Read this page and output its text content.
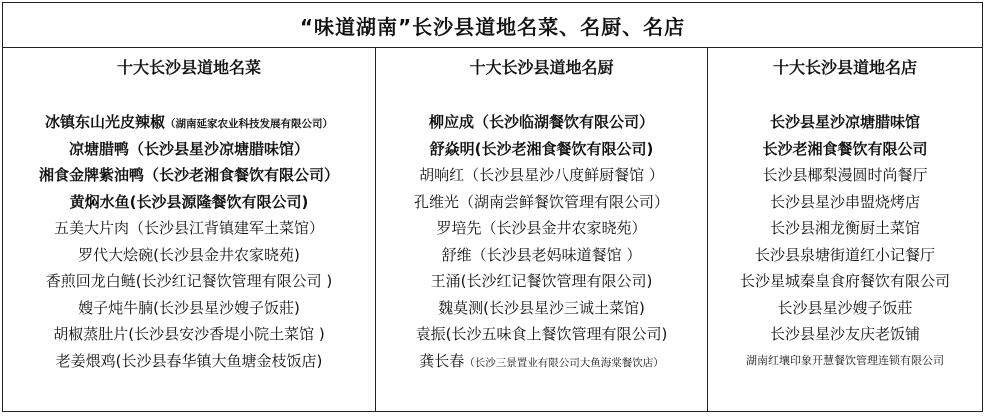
“味道湖南”长沙县道地名菜、名厨、名店
十大长沙县道地名菜
冰镇东山光皮辣椒（湖南延家农业科技发展有限公司）
凉塘腊鸭（长沙县星沙凉塘腊味馆）
湘食金牌紫油鸭（长沙老湘食餐饮有限公司）
黄焖水鱼(长沙县源隆餐饮有限公司)
五美大片肉（长沙县江背镇建军土菜馆）
罗代大烩碗(长沙县金井农家晓苑)
香煎回龙白鲢(长沙红记餐饮管理有限公司 )
嫂子炖牛腩(长沙县星沙嫂子饭莊)
胡椒蒸肚片(长沙县安沙香堤小院土菜馆 )
老姜煨鸡(长沙县春华镇大鱼塘金枝饭店)
十大长沙县道地名厨
柳应成（长沙临湖餐饮有限公司）
舒焱明(长沙老湘食餐饮有限公司)
胡响红（长沙县星沙八度鲜厨餐馆 ）
孔维光（湖南尝鲜餐饮管理有限公司）
罗培先（长沙县金井农家晓苑）
舒维（长沙县老妈味道餐馆 ）
王涌(长沙红记餐饮管理有限公司)
魏莫测(长沙县星沙三诚土菜馆)
袁振(长沙五味食上餐饮管理有限公司)
龚长春（长沙三景置业有限公司大鱼海棠餐饮店）
十大长沙县道地名店
长沙县星沙凉塘腊味馆
长沙老湘食餐饮有限公司
长沙县椰梨漫圆时尚餐厅
长沙县星沙串盟烧烤店
长沙县湘龙衡厨土菜馆
长沙县泉塘街道红小记餐厅
长沙星城秦皇食府餐饮有限公司
长沙县星沙嫂子饭莊
长沙县星沙友庆老饭铺
湖南红壤印象开慧餐饮管理连锁有限公司
